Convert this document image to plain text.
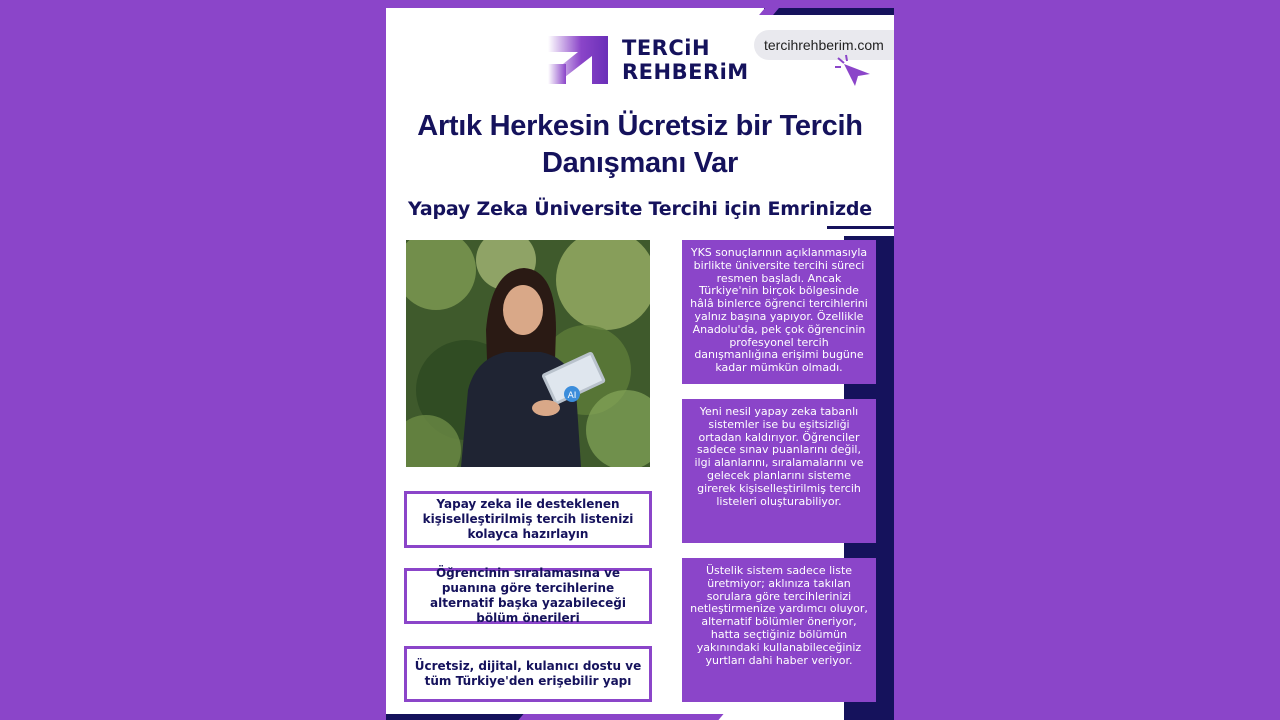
TERCiH
REHBERiM
tercihrehberim.com
Artık Herkesin Ücretsiz bir Tercih
Danışmanı Var
Yapay Zeka Üniversite Tercihi için Emrinizde
AI
YKS sonuçlarının açıklanmasıyla birlikte üniversite tercihi süreci resmen başladı. Ancak Türkiye'nin birçok bölgesinde hâlâ binlerce öğrenci tercihlerini yalnız başına yapıyor. Özellikle Anadolu'da, pek çok öğrencinin profesyonel tercih danışmanlığına erişimi bugüne kadar mümkün olmadı.
Yeni nesil yapay zeka tabanlı sistemler ise bu eşitsizliği ortadan kaldırıyor. Öğrenciler sadece sınav puanlarını değil, ilgi alanlarını, sıralamalarını ve gelecek planlarını sisteme girerek kişiselleştirilmiş tercih listeleri oluşturabiliyor.
Üstelik sistem sadece liste üretmiyor; aklınıza takılan sorulara göre tercihlerinizi netleştirmenize yardımcı oluyor, alternatif bölümler öneriyor, hatta seçtiğiniz bölümün yakınındaki kullanabileceğiniz yurtları dahi haber veriyor.
Yapay zeka ile desteklenen kişiselleştirilmiş tercih listenizi kolayca hazırlayın
Öğrencinin sıralamasına ve puanına göre tercihlerine alternatif başka yazabileceği bölüm önerileri
Ücretsiz, dijital, kulanıcı dostu ve tüm Türkiye'den erişebilir yapı
